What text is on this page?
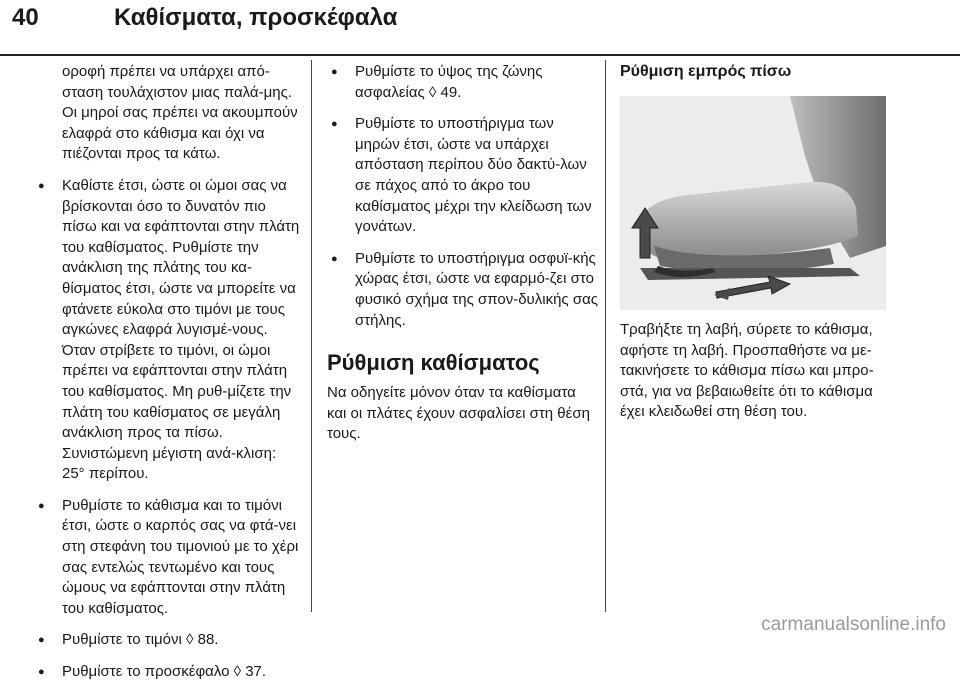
40	Καθίσματα, προσκέφαλα

οροφή πρέπει να υπάρχει από-σταση τουλάχιστον μιας παλά-μης. Οι μηροί σας πρέπει να ακουμπούν ελαφρά στο κάθισμα και όχι να πιέζονται προς τα κάτω.

● Καθίστε έτσι, ώστε οι ώμοι σας να βρίσκονται όσο το δυνατόν πιο πίσω και να εφάπτονται στην πλάτη του καθίσματος. Ρυθμίστε την ανάκλιση της πλάτης του κα-θίσματος έτσι, ώστε να μπορείτε να φτάνετε εύκολα στο τιμόνι με τους αγκώνες ελαφρά λυγισμέ-νους. Όταν στρίβετε το τιμόνι, οι ώμοι πρέπει να εφάπτονται στην πλάτη του καθίσματος. Μη ρυθ-μίζετε την πλάτη του καθίσματος σε μεγάλη ανάκλιση προς τα πίσω. Συνιστώμενη μέγιστη ανά-κλιση: 25° περίπου.
● Ρυθμίστε το κάθισμα και το τιμόνι έτσι, ώστε ο καρπός σας να φτά-νει στη στεφάνη του τιμονιού με το χέρι σας εντελώς τεντωμένο και τους ώμους να εφάπτονται στην πλάτη του καθίσματος.
● Ρυθμίστε το τιμόνι ◊ 88.
● Ρυθμίστε το προσκέφαλο ◊ 37.
● Ρυθμίστε το ύψος της ζώνης ασφαλείας ◊ 49.
● Ρυθμίστε το υποστήριγμα των μηρών έτσι, ώστε να υπάρχει απόσταση περίπου δύο δακτύ-λων σε πάχος από το άκρο του καθίσματος μέχρι την κλείδωση των γονάτων.
● Ρυθμίστε το υποστήριγμα οσφυϊ-κής χώρας έτσι, ώστε να εφαρμό-ζει στο φυσικό σχήμα της σπον-δυλικής σας στήλης.
Ρύθμιση καθίσματος

Να οδηγείτε μόνον όταν τα καθίσματα και οι πλάτες έχουν ασφαλίσει στη θέση τους.

Ρύθμιση εμπρός πίσω

Τραβήξτε τη λαβή, σύρετε το κάθισμα, αφήστε τη λαβή. Προσπαθήστε να με-τακινήσετε το κάθισμα πίσω και μπρο-στά, για να βεβαιωθείτε ότι το κάθισμα έχει κλειδωθεί στη θέση του.

carmanualsonline.info
